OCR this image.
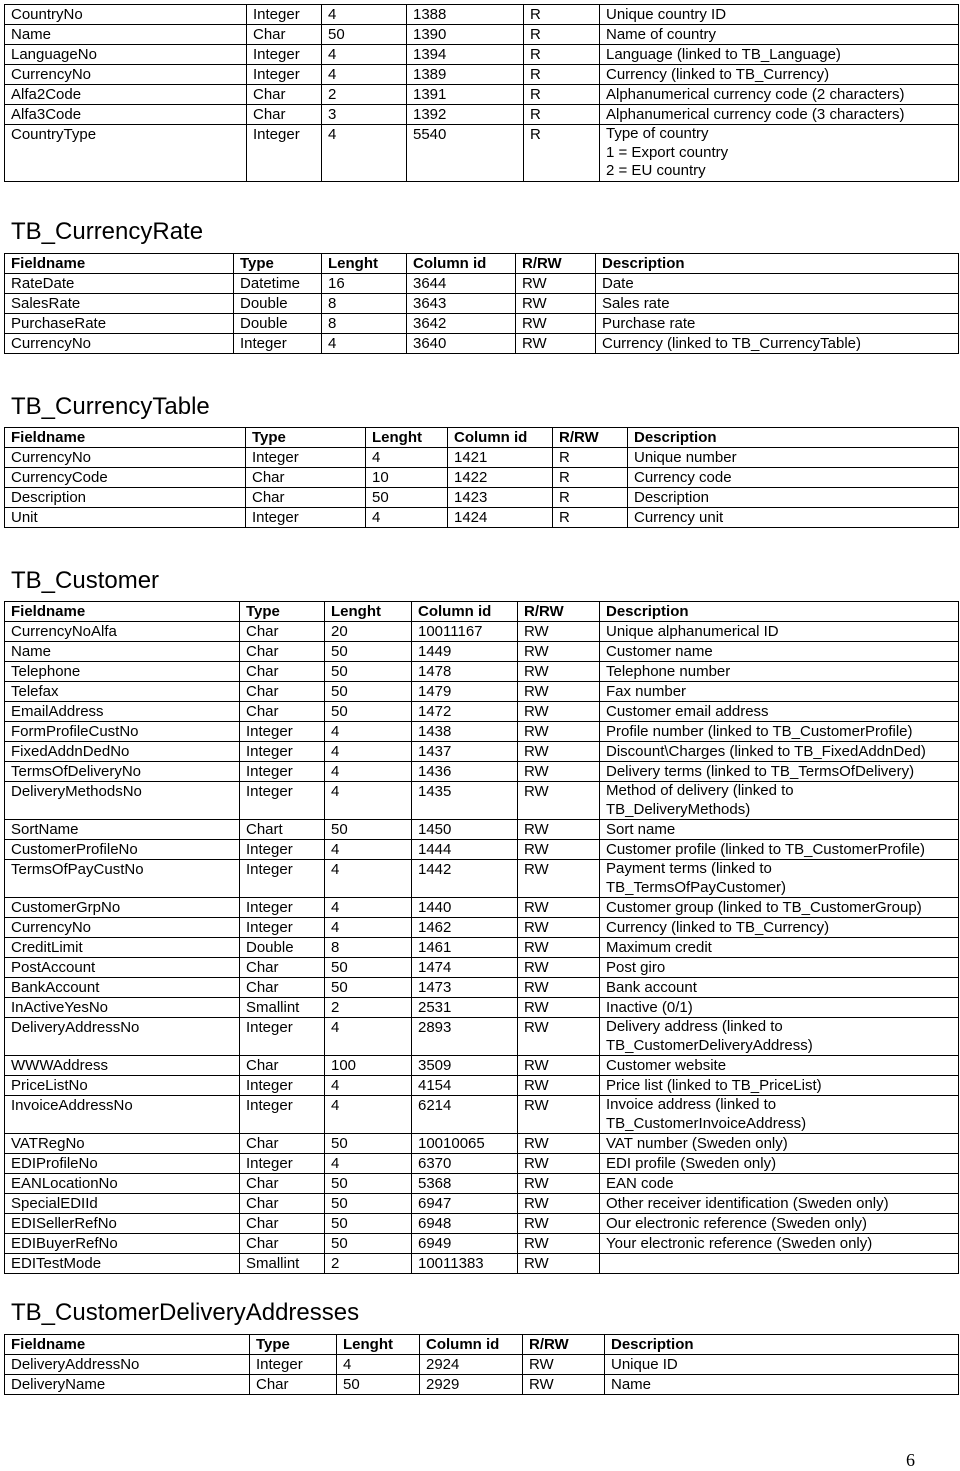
CountryNo	Integer	4	1388	R	Unique country ID
Name	Char	50	1390	R	Name of country
LanguageNo	Integer	4	1394	R	Language (linked to TB_Language)
CurrencyNo	Integer	4	1389	R	Currency (linked to TB_Currency)
Alfa2Code	Char	2	1391	R	Alphanumerical currency code (2 characters)
Alfa3Code	Char	3	1392	R	Alphanumerical currency code (3 characters)
CountryType	Integer	4	5540	R	Type of country
1 = Export country
2 = EU country
TB_CurrencyRate
Fieldname	Type	Lenght	Column id	R/RW	Description
RateDate	Datetime	16	3644	RW	Date
SalesRate	Double	8	3643	RW	Sales rate
PurchaseRate	Double	8	3642	RW	Purchase rate
CurrencyNo	Integer	4	3640	RW	Currency (linked to TB_CurrencyTable)
TB_CurrencyTable
Fieldname	Type	Lenght	Column id	R/RW	Description
CurrencyNo	Integer	4	1421	R	Unique number
CurrencyCode	Char	10	1422	R	Currency code
Description	Char	50	1423	R	Description
Unit	Integer	4	1424	R	Currency unit
TB_Customer
Fieldname	Type	Lenght	Column id	R/RW	Description
CurrencyNoAlfa	Char	20	10011167	RW	Unique alphanumerical ID
Name	Char	50	1449	RW	Customer name
Telephone	Char	50	1478	RW	Telephone number
Telefax	Char	50	1479	RW	Fax number
EmailAddress	Char	50	1472	RW	Customer email address
FormProfileCustNo	Integer	4	1438	RW	Profile number (linked to TB_CustomerProfile)
FixedAddnDedNo	Integer	4	1437	RW	Discount\Charges (linked to TB_FixedAddnDed)
TermsOfDeliveryNo	Integer	4	1436	RW	Delivery terms (linked to TB_TermsOfDelivery)
DeliveryMethodsNo	Integer	4	1435	RW	Method of delivery (linked to
TB_DeliveryMethods)
SortName	Chart	50	1450	RW	Sort name
CustomerProfileNo	Integer	4	1444	RW	Customer profile (linked to TB_CustomerProfile)
TermsOfPayCustNo	Integer	4	1442	RW	Payment terms (linked to
TB_TermsOfPayCustomer)
CustomerGrpNo	Integer	4	1440	RW	Customer group (linked to TB_CustomerGroup)
CurrencyNo	Integer	4	1462	RW	Currency (linked to TB_Currency)
CreditLimit	Double	8	1461	RW	Maximum credit
PostAccount	Char	50	1474	RW	Post giro
BankAccount	Char	50	1473	RW	Bank account
InActiveYesNo	Smallint	2	2531	RW	Inactive (0/1)
DeliveryAddressNo	Integer	4	2893	RW	Delivery address (linked to
TB_CustomerDeliveryAddress)
WWWAddress	Char	100	3509	RW	Customer website
PriceListNo	Integer	4	4154	RW	Price list (linked to TB_PriceList)
InvoiceAddressNo	Integer	4	6214	RW	Invoice address (linked to
TB_CustomerInvoiceAddress)
VATRegNo	Char	50	10010065	RW	VAT number (Sweden only)
EDIProfileNo	Integer	4	6370	RW	EDI profile (Sweden only)
EANLocationNo	Char	50	5368	RW	EAN code
SpecialEDIId	Char	50	6947	RW	Other receiver identification (Sweden only)
EDISellerRefNo	Char	50	6948	RW	Our electronic reference (Sweden only)
EDIBuyerRefNo	Char	50	6949	RW	Your electronic reference (Sweden only)
EDITestMode	Smallint	2	10011383	RW	
TB_CustomerDeliveryAddresses
Fieldname	Type	Lenght	Column id	R/RW	Description
DeliveryAddressNo	Integer	4	2924	RW	Unique ID
DeliveryName	Char	50	2929	RW	Name
6
